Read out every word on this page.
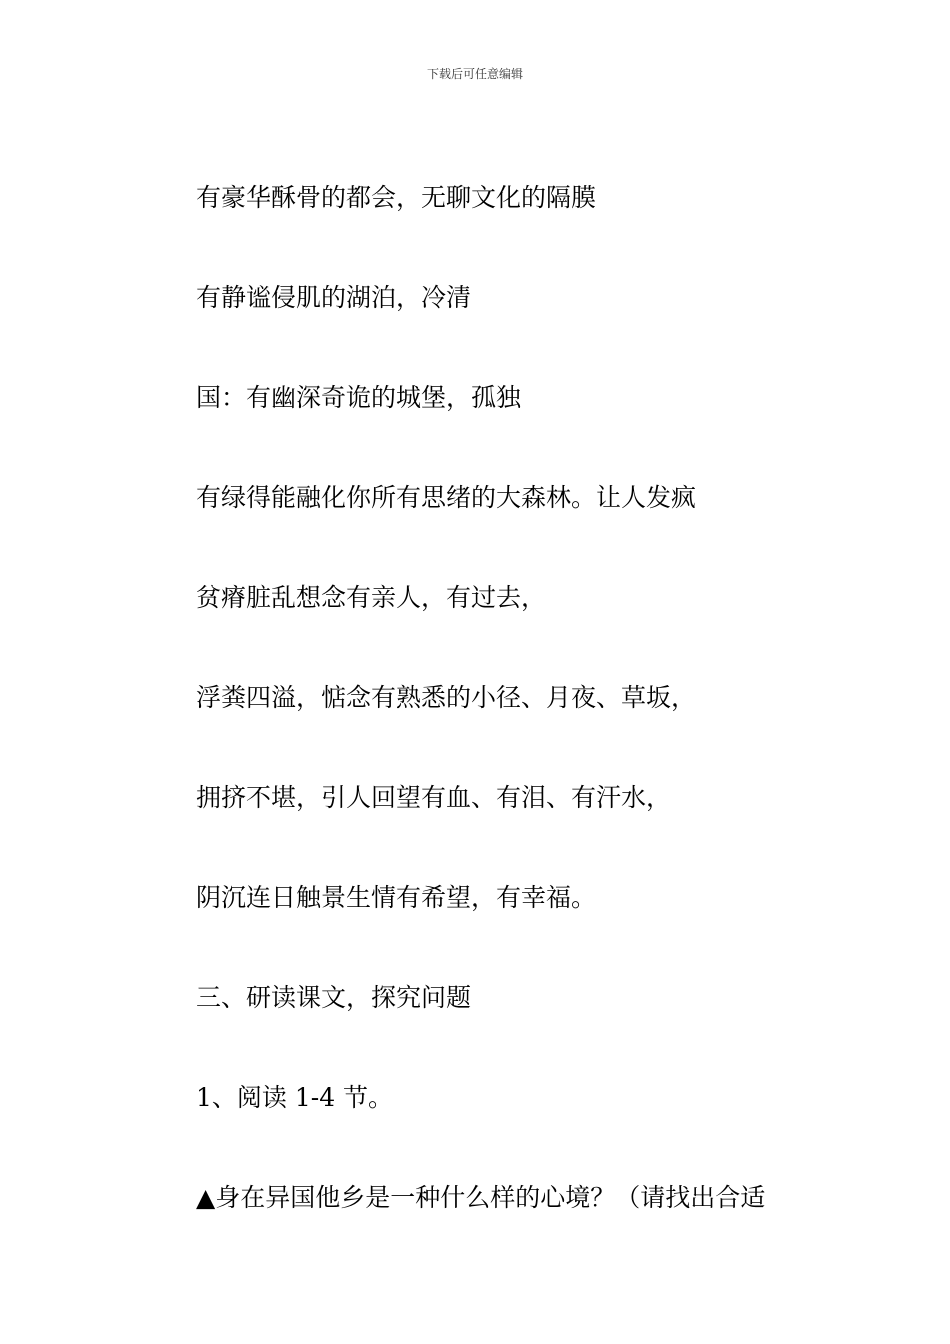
下载后可任意编辑
有豪华酥骨的都会，无聊文化的隔膜
有静谧侵肌的湖泊，冷清
国：有幽深奇诡的城堡，孤独
有绿得能融化你所有思绪的大森林。让人发疯
贫瘠脏乱想念有亲人，有过去，
浮粪四溢，惦念有熟悉的小径、月夜、草坂，
拥挤不堪，引人回望有血、有泪、有汗水，
阴沉连日触景生情有希望，有幸福。
三、研读课文，探究问题
1、阅读 1-4 节。
▲身在异国他乡是一种什么样的心境？（请找出合适
